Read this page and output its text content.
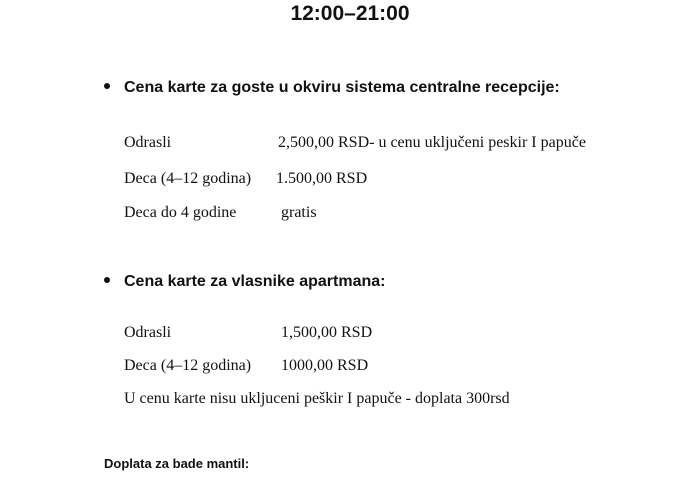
12:00–21:00
Cena karte za goste u okviru sistema centralne recepcije:
Odrasli	2,500,00 RSD- u cenu uključeni peskir I papuče
Deca (4–12 godina) 1.500,00 RSD
Deca do 4 godine	gratis
Cena karte za vlasnike apartmana:
Odrasli	1,500,00 RSD
Deca (4–12 godina) 1000,00 RSD
U cenu karte nisu ukljuceni peškir I papuče - doplata 300rsd
Doplata za bade mantil:
